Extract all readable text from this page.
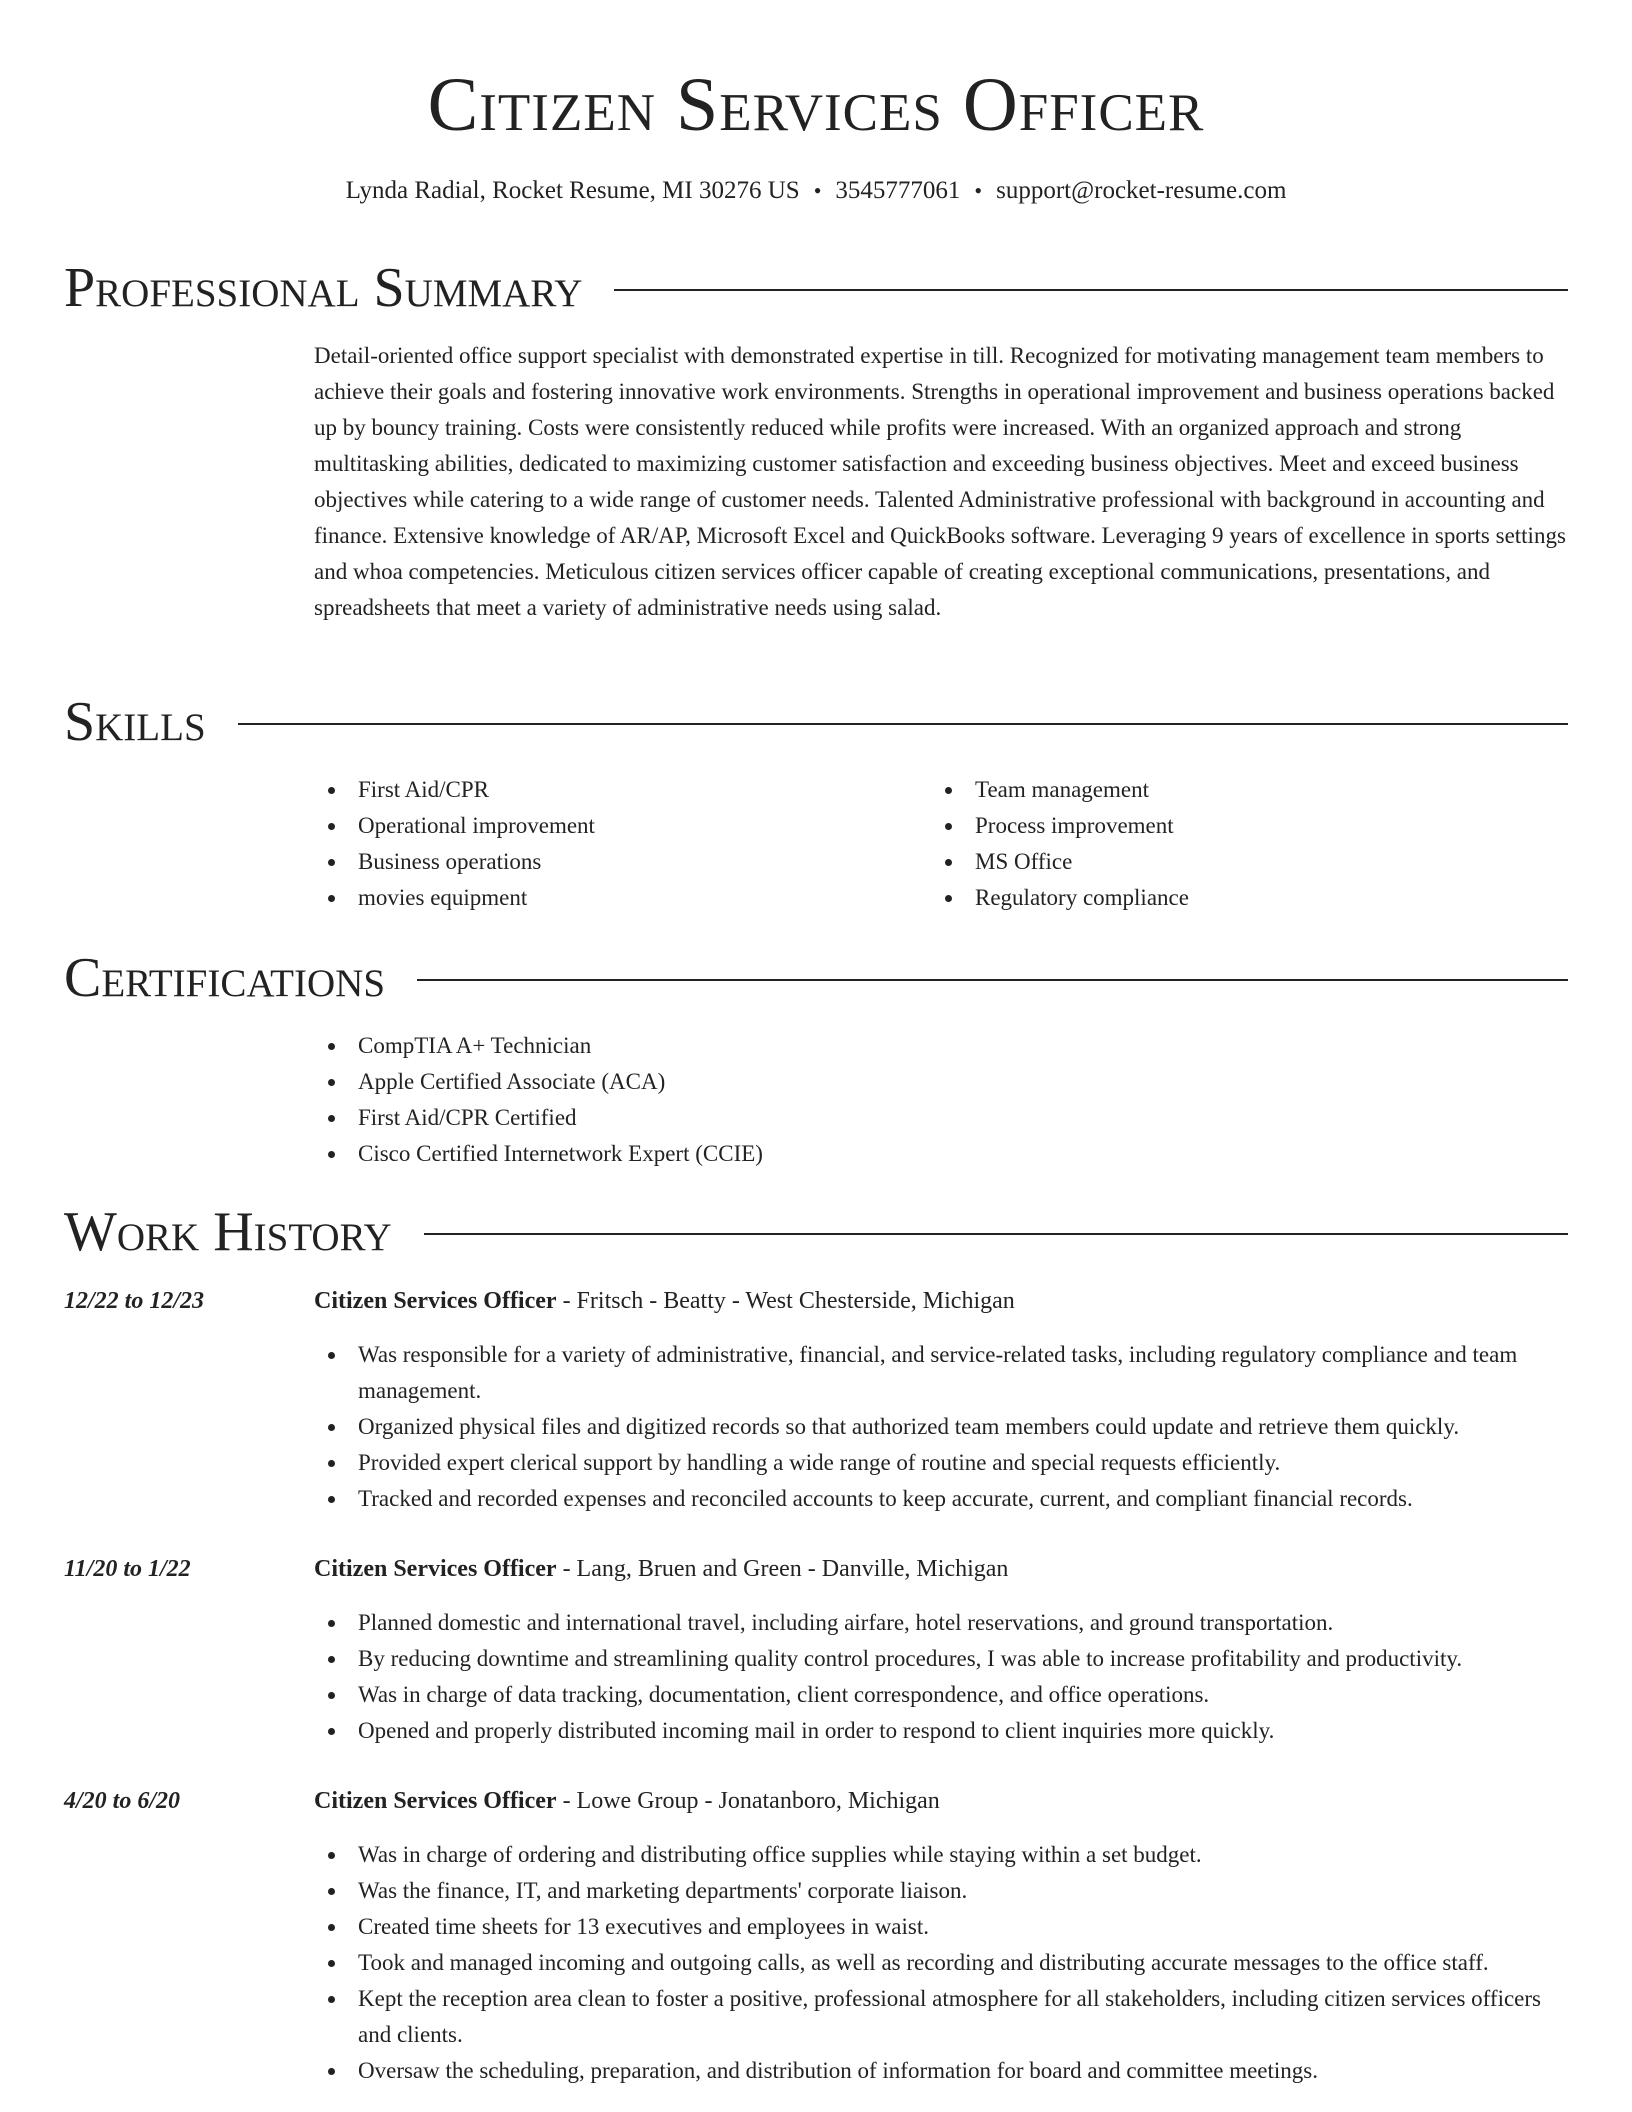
Citizen Services Officer
Lynda Radial, Rocket Resume, MI 30276 US • 3545777061 • support@rocket-resume.com
Professional Summary

Detail-oriented office support specialist with demonstrated expertise in till. Recognized for motivating management team members to achieve their goals and fostering innovative work environments. Strengths in operational improvement and business operations backed up by bouncy training. Costs were consistently reduced while profits were increased. With an organized approach and strong multitasking abilities, dedicated to maximizing customer satisfaction and exceeding business objectives. Meet and exceed business objectives while catering to a wide range of customer needs. Talented Administrative professional with background in accounting and finance. Extensive knowledge of AR/AP, Microsoft Excel and QuickBooks software. Leveraging 9 years of excellence in sports settings and whoa competencies. Meticulous citizen services officer capable of creating exceptional communications, presentations, and spreadsheets that meet a variety of administrative needs using salad.

Skills
First Aid/CPR
Operational improvement
Business operations
movies equipment
Team management
Process improvement
MS Office
Regulatory compliance
Certifications
CompTIA A+ Technician
Apple Certified Associate (ACA)
First Aid/CPR Certified
Cisco Certified Internetwork Expert (CCIE)
Work History
12/22 to 12/23	Citizen Services Officer - Fritsch - Beatty - West Chesterside, Michigan
Was responsible for a variety of administrative, financial, and service-related tasks, including regulatory compliance and team management.
Organized physical files and digitized records so that authorized team members could update and retrieve them quickly.
Provided expert clerical support by handling a wide range of routine and special requests efficiently.
Tracked and recorded expenses and reconciled accounts to keep accurate, current, and compliant financial records.
11/20 to 1/22	Citizen Services Officer - Lang, Bruen and Green - Danville, Michigan
Planned domestic and international travel, including airfare, hotel reservations, and ground transportation.
By reducing downtime and streamlining quality control procedures, I was able to increase profitability and productivity.
Was in charge of data tracking, documentation, client correspondence, and office operations.
Opened and properly distributed incoming mail in order to respond to client inquiries more quickly.
4/20 to 6/20	Citizen Services Officer - Lowe Group - Jonatanboro, Michigan
Was in charge of ordering and distributing office supplies while staying within a set budget.
Was the finance, IT, and marketing departments' corporate liaison.
Created time sheets for 13 executives and employees in waist.
Took and managed incoming and outgoing calls, as well as recording and distributing accurate messages to the office staff.
Kept the reception area clean to foster a positive, professional atmosphere for all stakeholders, including citizen services officers and clients.
Oversaw the scheduling, preparation, and distribution of information for board and committee meetings.
